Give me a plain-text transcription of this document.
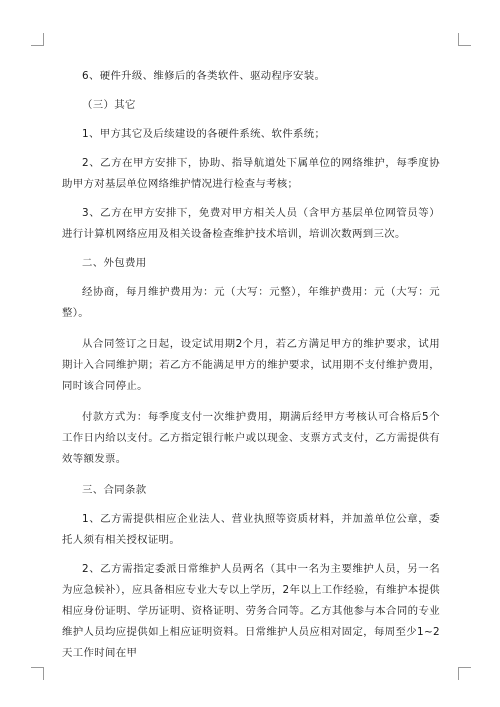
6、硬件升级、维修后的各类软件、驱动程序安装。

（三）其它

1、甲方其它及后续建设的各硬件系统、软件系统；

2、乙方在甲方安排下，协助、指导航道处下属单位的网络维护，每季度协助甲方对基层单位网络维护情况进行检查与考核；

3、乙方在甲方安排下，免费对甲方相关人员（含甲方基层单位网管员等）进行计算机网络应用及相关设备检查维护技术培训，培训次数两到三次。

二、外包费用

经协商，每月维护费用为：元（大写：元整），年维护费用：元（大写：元整）。

从合同签订之日起，设定试用期2个月，若乙方满足甲方的维护要求，试用期计入合同维护期；若乙方不能满足甲方的维护要求，试用期不支付维护费用，同时该合同停止。

付款方式为：每季度支付一次维护费用，期满后经甲方考核认可合格后5个工作日内给以支付。乙方指定银行帐户或以现金、支票方式支付，乙方需提供有效等额发票。

三、合同条款

1、乙方需提供相应企业法人、营业执照等资质材料，并加盖单位公章，委托人须有相关授权证明。

2、乙方需指定委派日常维护人员两名（其中一名为主要维护人员，另一名为应急候补），应具备相应专业大专以上学历，2年以上工作经验，有维护本提供相应身份证明、学历证明、资格证明、劳务合同等。乙方其他参与本合同的专业维护人员均应提供如上相应证明资料。日常维护人员应相对固定，每周至少1~2天工作时间在甲
